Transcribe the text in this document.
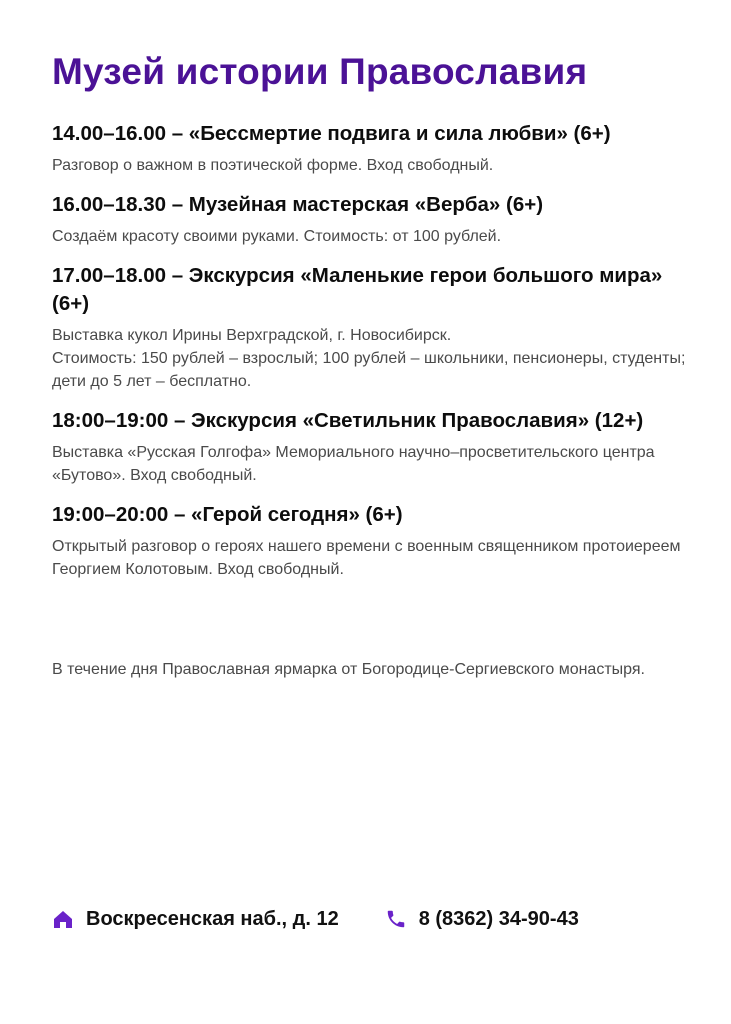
Музей истории Православия
14.00–16.00 – «Бессмертие подвига и сила любви» (6+)
Разговор о важном в поэтической форме. Вход свободный.
16.00–18.30 – Музейная мастерская «Верба» (6+)
Создаём красоту своими руками. Стоимость: от 100 рублей.
17.00–18.00 – Экскурсия «Маленькие герои большого мира» (6+)
Выставка кукол Ирины Верхградской, г. Новосибирск.
Стоимость: 150 рублей – взрослый; 100 рублей – школьники, пенсионеры, студенты; дети до 5 лет – бесплатно.
18:00–19:00 – Экскурсия «Светильник Православия» (12+)
Выставка «Русская Голгофа» Мемориального научно–просветительского центра «Бутово». Вход свободный.
19:00–20:00 – «Герой сегодня» (6+)
Открытый разговор о героях нашего времени с военным священником протоиереем Георгием Колотовым. Вход свободный.
В течение дня Православная ярмарка от Богородице-Сергиевского монастыря.
Воскресенская наб., д. 12	8 (8362) 34-90-43
